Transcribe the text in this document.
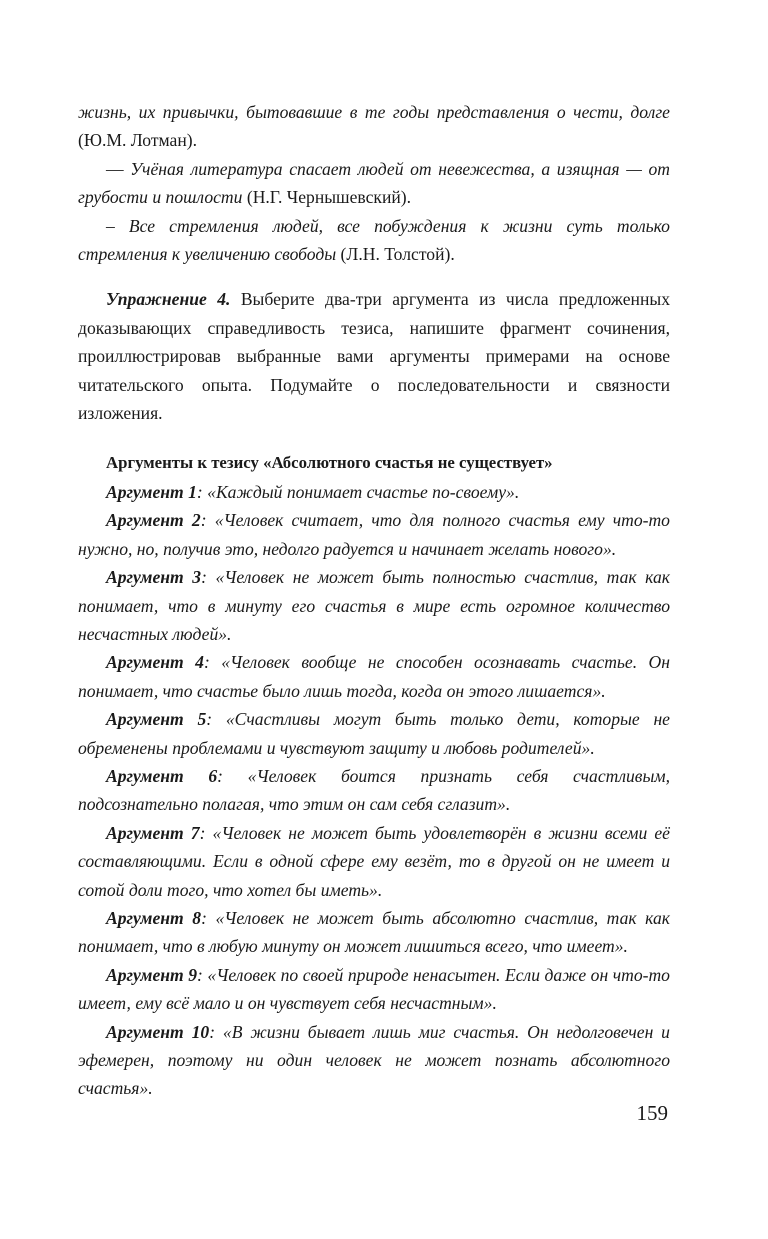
жизнь, их привычки, бытовавшие в те годы представления о чести, долге (Ю.М. Лотман).

— Учёная литература спасает людей от невежества, а изящная — от грубости и пошлости (Н.Г. Чернышевский).

– Все стремления людей, все побуждения к жизни суть только стремления к увеличению свободы (Л.Н. Толстой).

Упражнение 4. Выберите два-три аргумента из числа предложенных доказывающих справедливость тезиса, напишите фрагмент сочинения, проиллюстрировав выбранные вами аргументы примерами на основе читательского опыта. Подумайте о последовательности и связности изложения.

Аргументы к тезису «Абсолютного счастья не существует»

Аргумент 1: «Каждый понимает счастье по-своему».

Аргумент 2: «Человек считает, что для полного счастья ему что-то нужно, но, получив это, недолго радуется и начинает желать нового».

Аргумент 3: «Человек не может быть полностью счастлив, так как понимает, что в минуту его счастья в мире есть огромное количество несчастных людей».

Аргумент 4: «Человек вообще не способен осознавать счастье. Он понимает, что счастье было лишь тогда, когда он этого лишается».

Аргумент 5: «Счастливы могут быть только дети, которые не обременены проблемами и чувствуют защиту и любовь родителей».

Аргумент 6: «Человек боится признать себя счастливым, подсознательно полагая, что этим он сам себя сглазит».

Аргумент 7: «Человек не может быть удовлетворён в жизни всеми её составляющими. Если в одной сфере ему везёт, то в другой он не имеет и сотой доли того, что хотел бы иметь».

Аргумент 8: «Человек не может быть абсолютно счастлив, так как понимает, что в любую минуту он может лишиться всего, что имеет».

Аргумент 9: «Человек по своей природе ненасытен. Если даже он что-то имеет, ему всё мало и он чувствует себя несчастным».

Аргумент 10: «В жизни бывает лишь миг счастья. Он недолговечен и эфемерен, поэтому ни один человек не может познать абсолютного счастья».

159
